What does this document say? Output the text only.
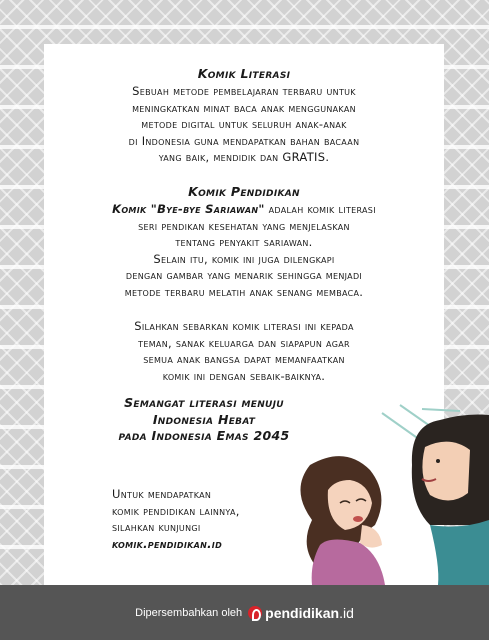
Komik Literasi
Sebuah metode pembelajaran terbaru untuk
meningkatkan minat baca anak menggunakan
metode digital untuk seluruh anak-anak
di Indonesia guna mendapatkan bahan bacaan
yang baik, mendidik dan GRATIS.
Komik Pendidikan
Komik "Bye-bye Sariawan" adalah komik literasi
seri pendikan kesehatan yang menjelaskan
tentang penyakit sariawan.
Selain itu, komik ini juga dilengkapi
dengan gambar yang menarik sehingga menjadi
metode terbaru melatih anak senang membaca.
Silahkan sebarkan komik literasi ini kepada
teman, sanak keluarga dan siapapun agar
semua anak bangsa dapat memanfaatkan
komik ini dengan sebaik-baiknya.
Semangat literasi menuju
Indonesia Hebat
pada Indonesia Emas 2045
Untuk mendapatkan
komik pendidikan lainnya,
silahkan kunjungi
komik.pendidikan.id
Dipersembahkan oleh pendidikan .id
